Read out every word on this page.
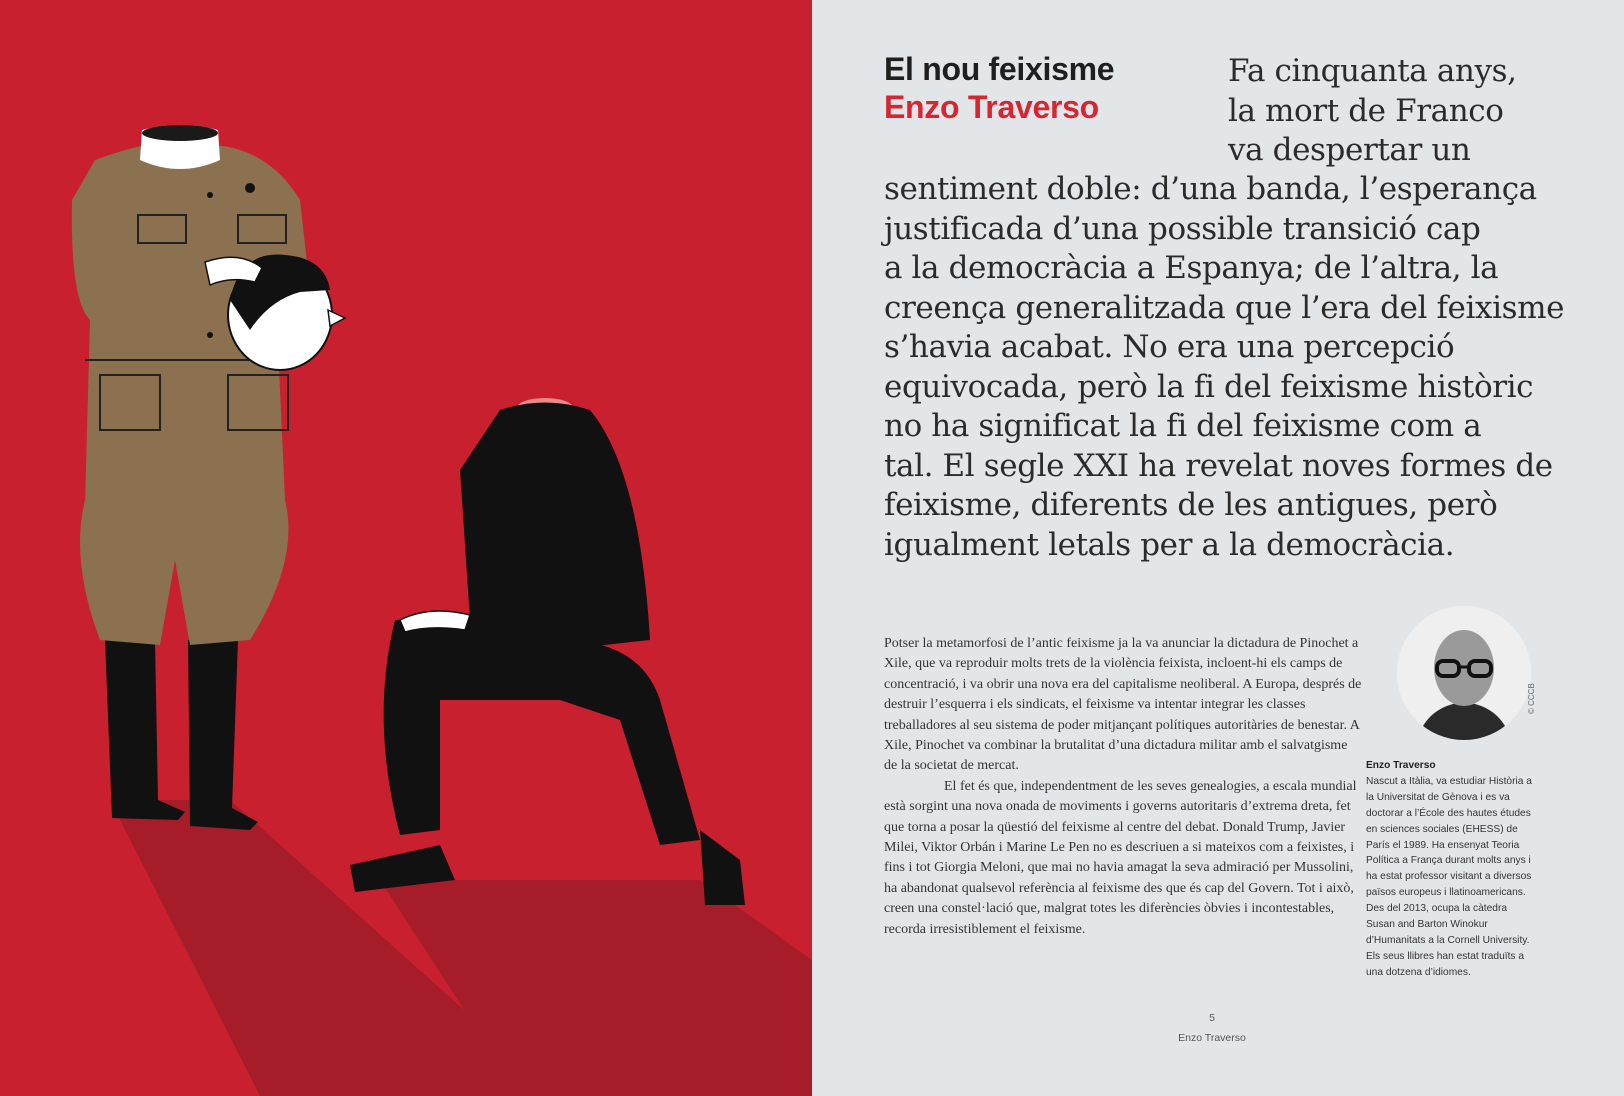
El nou feixisme
Enzo Traverso
Fa cinquanta anys,
la mort de Franco
va despertar un
sentiment doble: d’una banda, l’esperança
justificada d’una possible transició cap
a la democràcia a Espanya; de l’altra, la
creença generalitzada que l’era del feixisme
s’havia acabat. No era una percepció
equivocada, però la fi del feixisme històric
no ha significat la fi del feixisme com a
tal. El segle XXI ha revelat noves formes de
feixisme, diferents de les antigues, però
igualment letals per a la democràcia.

Potser la metamorfosi de l’antic feixisme ja la va anunciar la dictadura de Pinochet a Xile, que va reproduir molts trets de la violència feixista, incloent-hi els camps de concentració, i va obrir una nova era del capitalisme neoliberal. A Europa, després de destruir l’esquerra i els sindicats, el feixisme va intentar integrar les classes treballadores al seu sistema de poder mitjançant polítiques autoritàries de benestar. A Xile, Pinochet va combinar la brutalitat d’una dictadura militar amb el salvatgisme de la societat de mercat.

El fet és que, independentment de les seves genealogies, a escala mundial està sorgint una nova onada de moviments i governs autoritaris d’extrema dreta, fet que torna a posar la qüestió del feixisme al centre del debat. Donald Trump, Javier Milei, Viktor Orbán i Marine Le Pen no es descriuen a si mateixos com a feixistes, i fins i tot Giorgia Meloni, que mai no havia amagat la seva admiració per Mussolini, ha abandonat qualsevol referència al feixisme des que és cap del Govern. Tot i això, creen una constel·lació que, malgrat totes les diferències òbvies i incontestables, recorda irresistiblement el feixisme.

© CCCB
Enzo Traverso
Nascut a Itàlia, va estudiar Història a la Universitat de Gènova i es va doctorar a l’École des hautes études en sciences sociales (EHESS) de París el 1989. Ha ensenyat Teoria Política a França durant molts anys i ha estat professor visitant a diversos països europeus i llatinoamericans. Des del 2013, ocupa la càtedra Susan and Barton Winokur d’Humanitats a la Cornell University. Els seus llibres han estat traduïts a una dotzena d’idiomes.
5
Enzo Traverso
